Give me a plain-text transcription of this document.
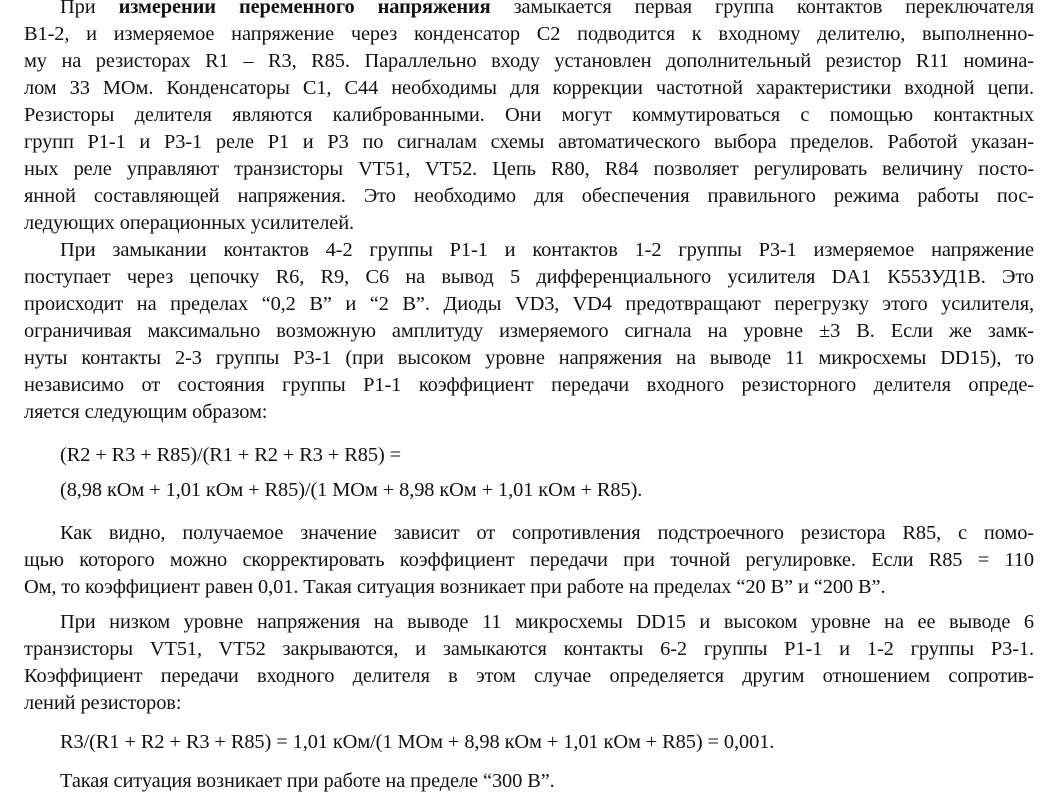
При измерении переменного напряжения замыкается первая группа контактов переключателя
В1-2, и измеряемое напряжение через конденсатор С2 подводится к входному делителю, выполненно-
му на резисторах R1 – R3, R85. Параллельно входу установлен дополнительный резистор R11 номина-
лом 33 МОм. Конденсаторы С1, С44 необходимы для коррекции частотной характеристики входной цепи.
Резисторы делителя являются калиброванными. Они могут коммутироваться с помощью контактных
групп Р1-1 и Р3-1 реле Р1 и Р3 по сигналам схемы автоматического выбора пределов. Работой указан-
ных реле управляют транзисторы VT51, VT52. Цепь R80, R84 позволяет регулировать величину посто-
янной составляющей напряжения. Это необходимо для обеспечения правильного режима работы пос-
ледующих операционных усилителей.
При замыкании контактов 4-2 группы Р1-1 и контактов 1-2 группы Р3-1 измеряемое напряжение
поступает через цепочку R6, R9, С6 на вывод 5 дифференциального усилителя DA1 К553УД1В. Это
происходит на пределах “0,2 В” и “2 В”. Диоды VD3, VD4 предотвращают перегрузку этого усилителя,
ограничивая максимально возможную амплитуду измеряемого сигнала на уровне ±3 В. Если же замк-
нуты контакты 2-3 группы Р3-1 (при высоком уровне напряжения на выводе 11 микросхемы DD15), то
независимо от состояния группы Р1-1 коэффициент передачи входного резисторного делителя опреде-
ляется следующим образом:
(R2 + R3 + R85)/(R1 + R2 + R3 + R85) =
(8,98 кОм + 1,01 кОм + R85)/(1 МОм + 8,98 кОм + 1,01 кОм + R85).
Как видно, получаемое значение зависит от сопротивления подстроечного резистора R85, с помо-
щью которого можно скорректировать коэффициент передачи при точной регулировке. Если R85 = 110
Ом, то коэффициент равен 0,01. Такая ситуация возникает при работе на пределах “20 В” и “200 В”.
При низком уровне напряжения на выводе 11 микросхемы DD15 и высоком уровне на ее выводе 6
транзисторы VT51, VT52 закрываются, и замыкаются контакты 6-2 группы Р1-1 и 1-2 группы Р3-1.
Коэффициент передачи входного делителя в этом случае определяется другим отношением сопротив-
лений резисторов:
R3/(R1 + R2 + R3 + R85) = 1,01 кОм/(1 МОм + 8,98 кОм + 1,01 кОм + R85) = 0,001.
Такая ситуация возникает при работе на пределе “300 В”.
